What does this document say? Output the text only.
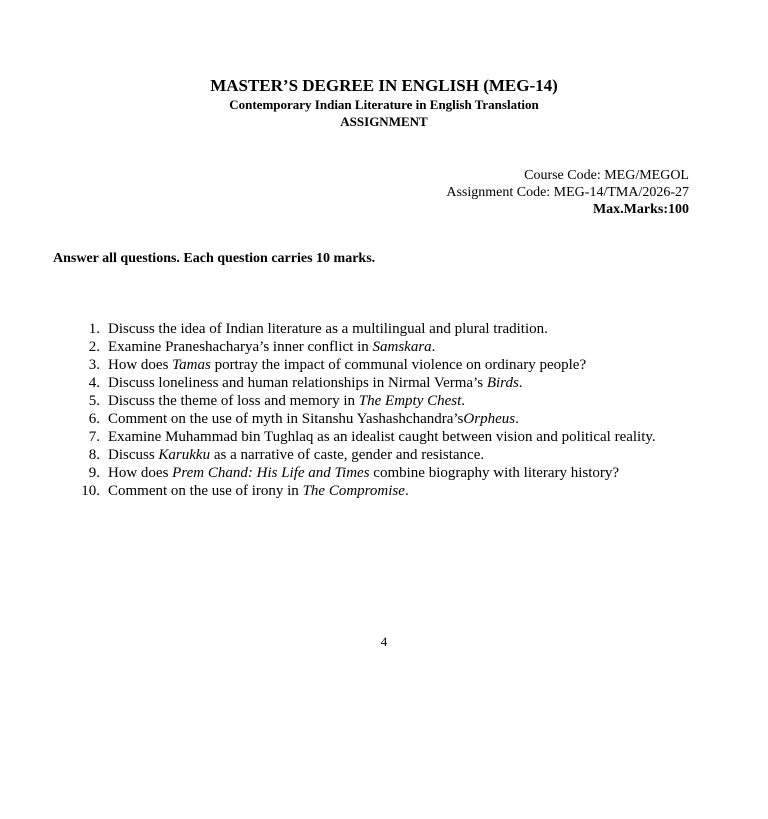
MASTER’S DEGREE IN ENGLISH (MEG-14)

Contemporary Indian Literature in English Translation

ASSIGNMENT

Course Code: MEG/MEGOL
Assignment Code: MEG-14/TMA/2026-27
Max.Marks:100
Answer all questions. Each question carries 10 marks.
1. Discuss the idea of Indian literature as a multilingual and plural tradition.
2. Examine Praneshacharya’s inner conflict in Samskara.
3. How does Tamas portray the impact of communal violence on ordinary people?
4. Discuss loneliness and human relationships in Nirmal Verma’s Birds.
5. Discuss the theme of loss and memory in The Empty Chest.
6. Comment on the use of myth in Sitanshu Yashashchandra’sOrpheus.
7. Examine Muhammad bin Tughlaq as an idealist caught between vision and political reality.
8. Discuss Karukku as a narrative of caste, gender and resistance.
9. How does Prem Chand: His Life and Times combine biography with literary history?
10. Comment on the use of irony in The Compromise.
4
